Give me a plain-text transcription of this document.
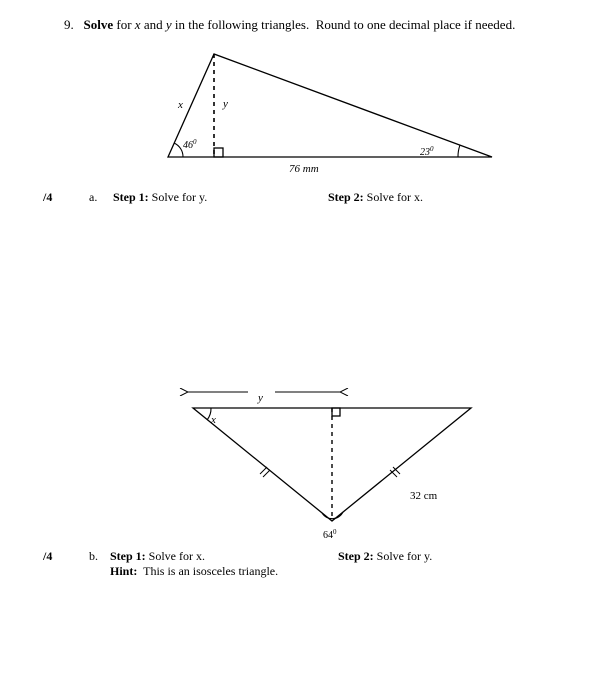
9. Solve for x and y in the following triangles.  Round to one decimal place if needed.
x	y
$46^0$
$23^0$
76 mm
/4	a. Step 1: Solve for y.	Step 2: Solve for x.
y
x
32 cm
$64^0$
/4	b. Step 1: Solve for x.
Hint:  This is an isosceles triangle.
Step 2: Solve for y.
